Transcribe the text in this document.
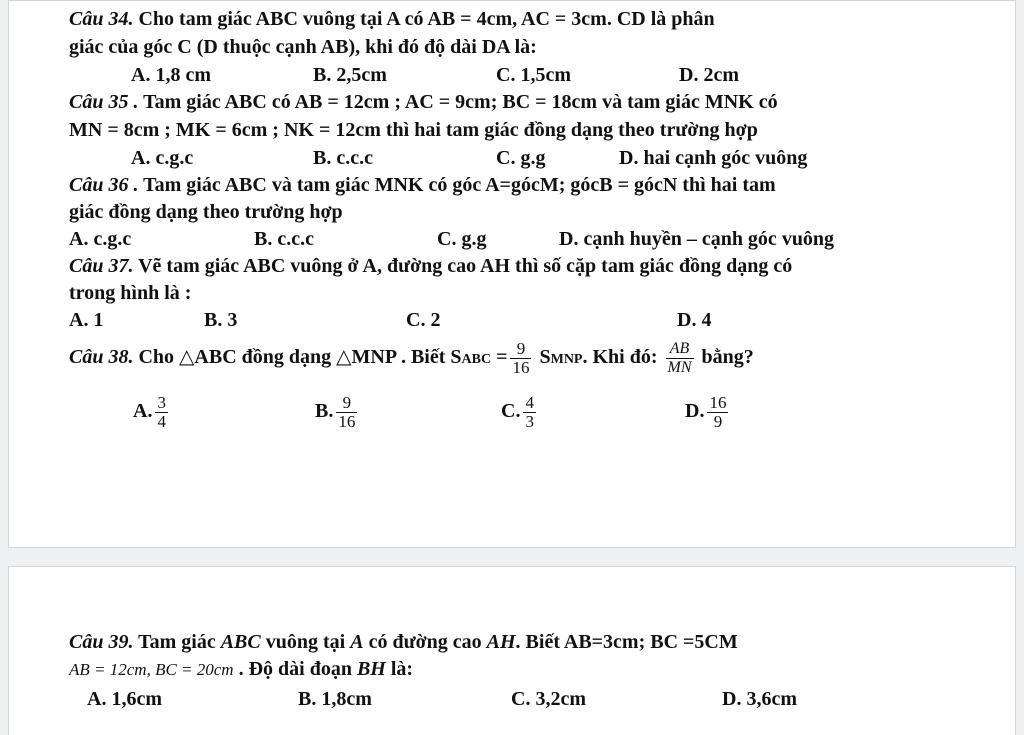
Câu 34. Cho tam giác ABC vuông tại A có AB = 4cm, AC = 3cm. CD là phân
giác của góc C (D thuộc cạnh AB), khi đó độ dài DA là:
A. 1,8 cm	B. 2,5cm	C. 1,5cm	D. 2cm
Câu 35 . Tam giác ABC có AB = 12cm ; AC = 9cm; BC = 18cm và tam giác MNK có
MN = 8cm ; MK = 6cm ; NK = 12cm thì hai tam giác đồng dạng theo trường hợp
A. c.g.c	B. c.c.c	C. g.g	D. hai cạnh góc vuông
Câu 36 . Tam giác ABC và tam giác MNK có góc A=gócM; gócB = gócN thì hai tam
giác đồng dạng theo trường hợp
A. c.g.c	B. c.c.c	C. g.g	D. cạnh huyền – cạnh góc vuông
Câu 37. Vẽ tam giác ABC vuông ở A, đường cao AH thì số cặp tam giác đồng dạng có
trong hình là :
A. 1	B. 3	C. 2	D. 4
Câu 38. Cho △ABC đồng dạng △MNP . Biết SABC = $\frac{9}{16}$ SMNP. Khi đó: $\frac{AB}{MN}$ bằng?
A. $\frac{3}{4}$	B. $\frac{9}{16}$	C. $\frac{4}{3}$	D. $\frac{16}{9}$
Câu 39. Tam giác ABC vuông tại A có đường cao AH. Biết AB=3cm; BC =5CM
AB = 12cm, BC = 20cm . Độ dài đoạn BH là:
A. 1,6cm	B. 1,8cm	C. 3,2cm	D. 3,6cm
